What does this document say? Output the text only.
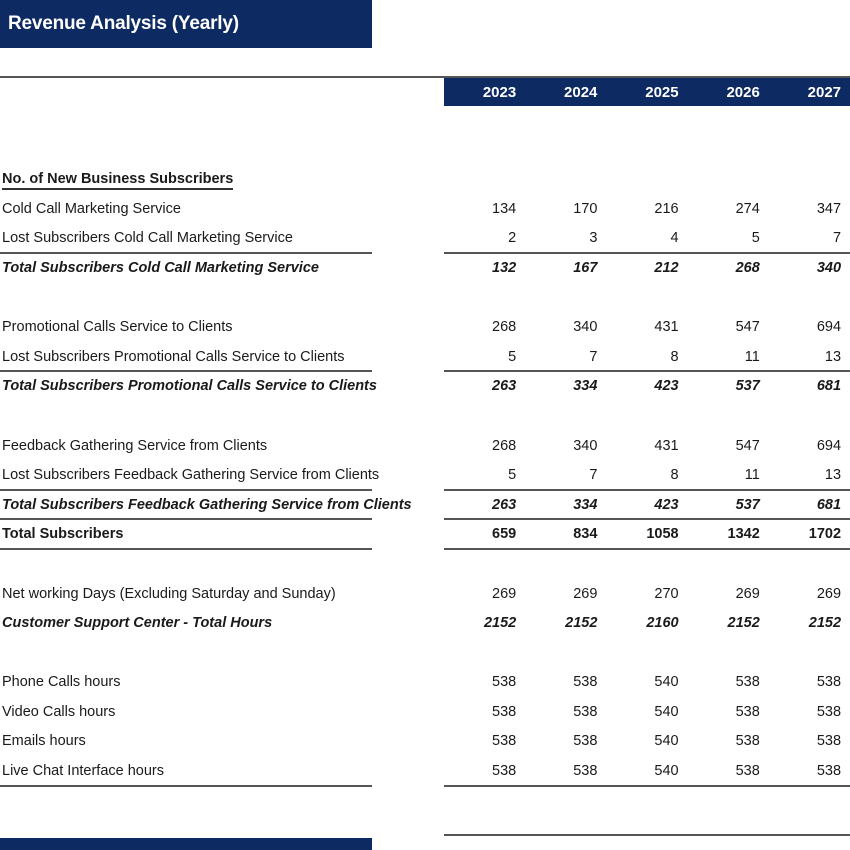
Revenue Analysis (Yearly)
2023	2024	2025	2026	2027
No. of New Business Subscribers
Cold Call Marketing Service	134	170	216	274	347
Lost Subscribers Cold Call Marketing Service	2	3	4	5	7
Total Subscribers Cold Call Marketing Service	132	167	212	268	340
Promotional Calls Service to Clients	268	340	431	547	694
Lost Subscribers Promotional Calls Service to Clients	5	7	8	11	13
Total Subscribers Promotional Calls Service to Clients	263	334	423	537	681
Feedback Gathering Service from Clients	268	340	431	547	694
Lost Subscribers Feedback Gathering Service from Clients	5	7	8	11	13
Total Subscribers Feedback Gathering Service from Clients	263	334	423	537	681
Total Subscribers	659	834	1058	1342	1702
Net working Days (Excluding Saturday and Sunday)	269	269	270	269	269
Customer Support Center - Total Hours	2152	2152	2160	2152	2152
Phone Calls hours	538	538	540	538	538
Video Calls hours	538	538	540	538	538
Emails hours	538	538	540	538	538
Live Chat Interface hours	538	538	540	538	538
